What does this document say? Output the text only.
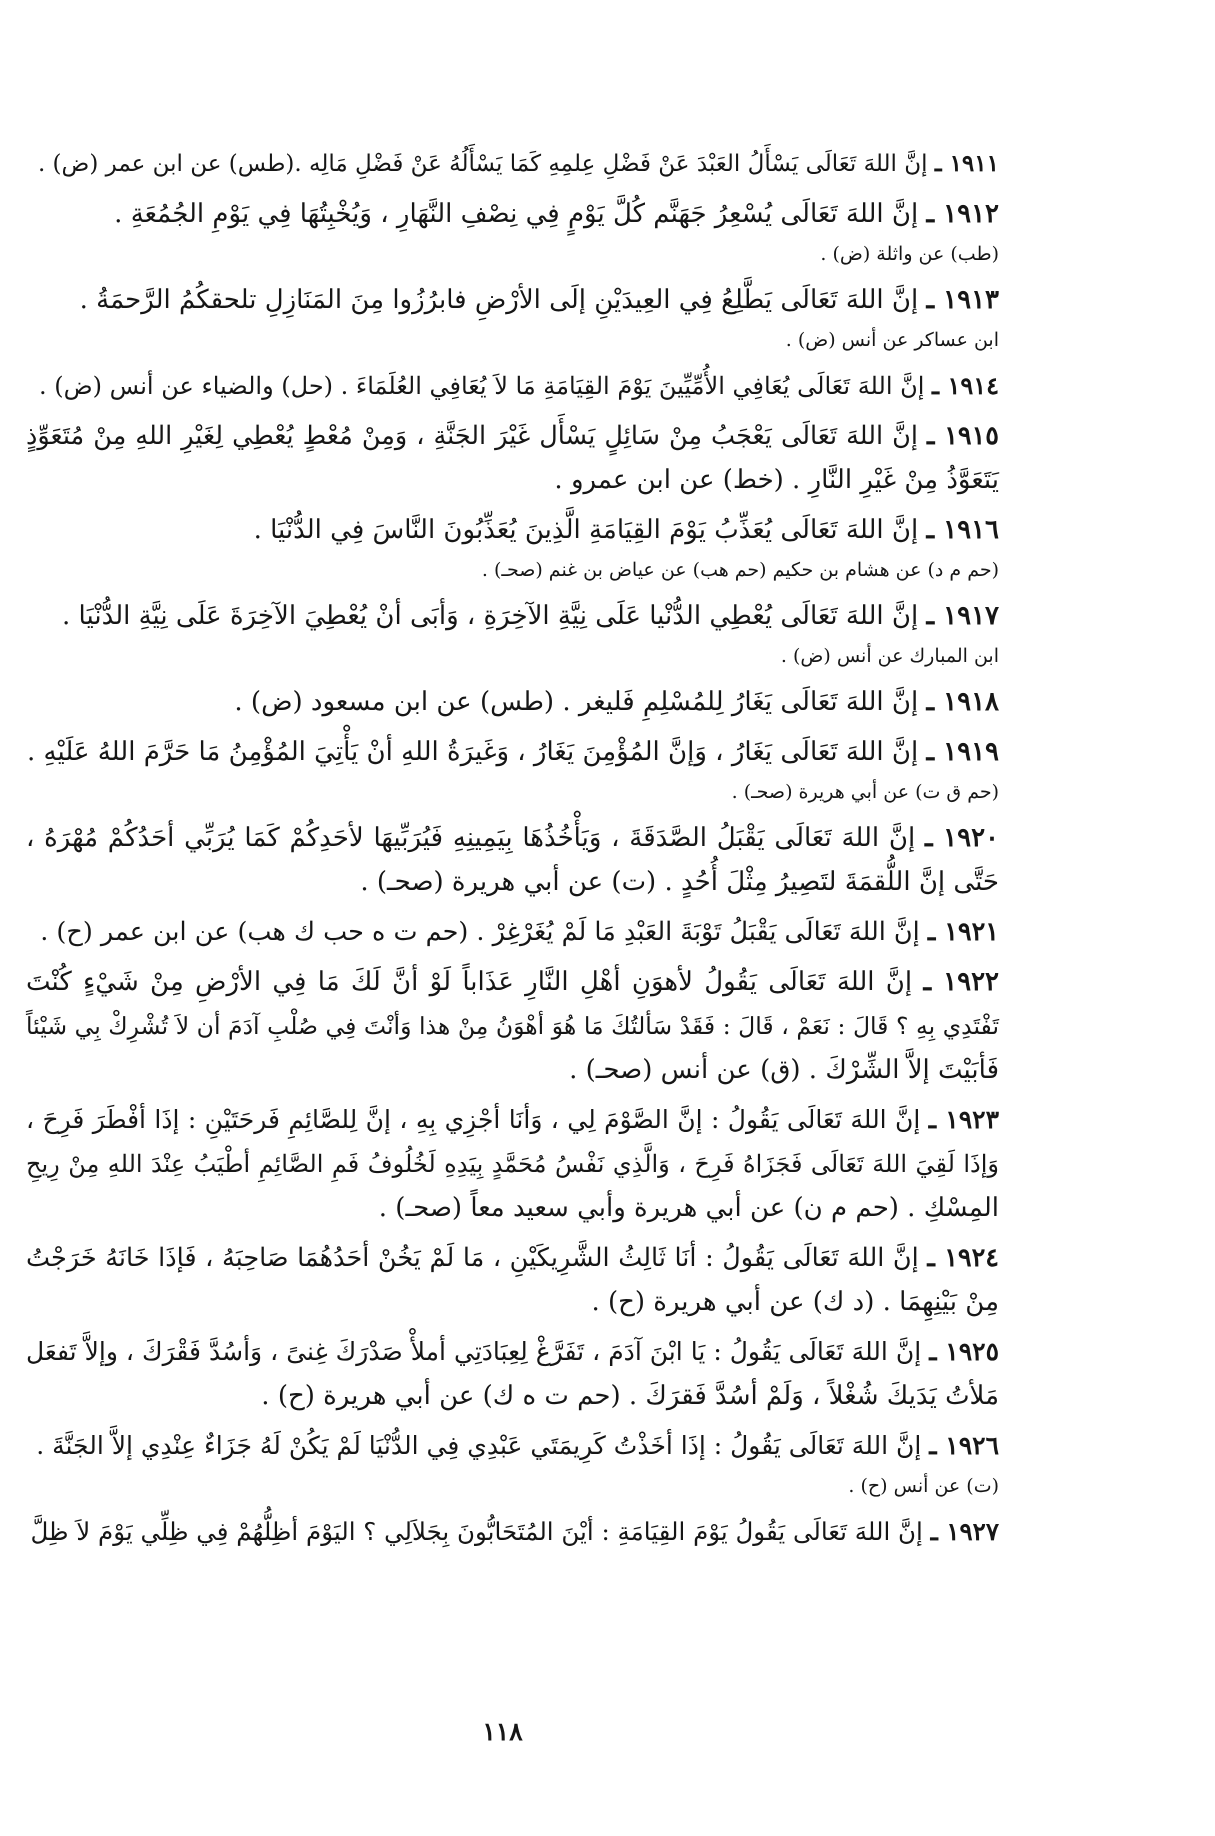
١٩١١ ـ إنَّ اللهَ تَعَالَى يَسْأَلُ العَبْدَ عَنْ فَضْلِ عِلمِهِ كَمَا يَسْأَلُهُ عَنْ فَضْلِ مَالِه .(طس) عن ابن عمر (ض) .
١٩١٢ ـ إنَّ اللهَ تَعَالَى يُسْعِرُ جَهَنَّم كُلَّ يَوْمٍ فِي نِصْفِ النَّهَارِ ، وَيُخْبِتُهَا فِي يَوْمِ الجُمُعَةِ .
(طب) عن واثلة (ض) .
١٩١٣ ـ إنَّ اللهَ تَعَالَى يَطَّلِعُ فِي العِيدَيْنِ إلَى الأرْضِ فابرُزُوا مِنَ المَنَازِلِ تلحقكُمُ الرَّحمَةُ .
ابن عساكر عن أنس (ض) .
١٩١٤ ـ إنَّ اللهَ تَعَالَى يُعَافِي الأُمِّيِّينَ يَوْمَ القِيَامَةِ مَا لاَ يُعَافِي العُلَمَاءَ . (حل) والضياء عن أنس (ض) .
١٩١٥ ـ إنَّ اللهَ تَعَالَى يَعْجَبُ مِنْ سَائِلٍ يَسْأَل غَيْرَ الجَنَّةِ ، وَمِنْ مُعْطٍ يُعْطِي لِغَيْرِ اللهِ مِنْ مُتَعَوِّذٍ
يَتَعَوَّذُ مِنْ غَيْرِ النَّارِ . (خط) عن ابن عمرو .
١٩١٦ ـ إنَّ اللهَ تَعَالَى يُعَذِّبُ يَوْمَ القِيَامَةِ الَّذِينَ يُعَذِّبُونَ النَّاسَ فِي الدُّنْيَا .
(حم م د) عن هشام بن حكيم (حم هب) عن عياض بن غنم (صحـ) .
١٩١٧ ـ إنَّ اللهَ تَعَالَى يُعْطِي الدُّنْيا عَلَى نِيَّةِ الآخِرَةِ ، وَأبَى أنْ يُعْطِيَ الآخِرَةَ عَلَى نِيَّةِ الدُّنْيَا .
ابن المبارك عن أنس (ض) .
١٩١٨ ـ إنَّ اللهَ تَعَالَى يَغَارُ لِلمُسْلِمِ فَليغر . (طس) عن ابن مسعود (ض) .
١٩١٩ ـ إنَّ اللهَ تَعَالَى يَغَارُ ، وَإنَّ المُؤْمِنَ يَغَارُ ، وَغَيرَةُ اللهِ أنْ يَأْتِيَ المُؤْمِنُ مَا حَرَّمَ اللهُ عَلَيْهِ .
(حم ق ت) عن أبي هريرة (صحـ) .
١٩٢٠ ـ إنَّ اللهَ تَعَالَى يَقْبَلُ الصَّدَقَةَ ، وَيَأْخُذُهَا بِيَمِينِهِ فَيُرَبِّيهَا لأحَدِكُمْ كَمَا يُرَبِّي أحَدُكُمْ مُهْرَهُ ،
حَتَّى إنَّ اللُّقمَةَ لتَصِيرُ مِثْلَ أُحُدٍ . (ت) عن أبي هريرة (صحـ) .
١٩٢١ ـ إنَّ اللهَ تَعَالَى يَقْبَلُ تَوْبَةَ العَبْدِ مَا لَمْ يُغَرْغِرْ . (حم ت ه حب ك هب) عن ابن عمر (ح) .
١٩٢٢ ـ إنَّ اللهَ تَعَالَى يَقُولُ لأهوَنِ أهْلِ النَّارِ عَذَاباً لَوْ أنَّ لَكَ مَا فِي الأرْضِ مِنْ شَيْءٍ كُنْتَ
تَفْتَدِي بِهِ ؟ قَالَ : نَعَمْ ، قَالَ : فَقَدْ سَألتُكَ مَا هُوَ أهْوَنُ مِنْ هذا وَأنْتَ فِي صُلْبِ آدَمَ أن لاَ تُشْرِكْ بِي شَيْئاً
فَأبَيْتَ إلاَّ الشِّرْكَ . (ق) عن أنس (صحـ) .
١٩٢٣ ـ إنَّ اللهَ تَعَالَى يَقُولُ : إنَّ الصَّوْمَ لِي ، وَأنَا أجْزِي بِهِ ، إنَّ لِلصَّائِمِ فَرحَتَيْنِ : إذَا أفْطَرَ فَرِحَ ،
وَإذَا لَقِيَ اللهَ تَعَالَى فَجَزَاهُ فَرِحَ ، وَالَّذِي نَفْسُ مُحَمَّدٍ بِيَدِهِ لَخُلُوفُ فَمِ الصَّائِمِ أطْيَبُ عِنْدَ اللهِ مِنْ رِيحِ
المِسْكِ . (حم م ن) عن أبي هريرة وأبي سعيد معاً (صحـ) .
١٩٢٤ ـ إنَّ اللهَ تَعَالَى يَقُولُ : أنَا ثَالِثُ الشَّرِيكَيْنِ ، مَا لَمْ يَخُنْ أحَدُهُمَا صَاحِبَهُ ، فَإذَا خَانَهُ خَرَجْتُ
مِنْ بَيْنِهِمَا . (د ك) عن أبي هريرة (ح) .
١٩٢٥ ـ إنَّ اللهَ تَعَالَى يَقُولُ : يَا ابْنَ آدَمَ ، تَفَرَّغْ لِعِبَادَتِي أملأْ صَدْرَكَ غِنىً ، وَأسُدَّ فَقْرَكَ ، وإلاَّ تَفعَل
مَلأتُ يَدَيكَ شُغْلاً ، وَلَمْ أسُدَّ فَقرَكَ . (حم ت ه ك) عن أبي هريرة (ح) .
١٩٢٦ ـ إنَّ اللهَ تَعَالَى يَقُولُ : إذَا أخَذْتُ كَرِيمَتَي عَبْدِي فِي الدُّنْيَا لَمْ يَكُنْ لَهُ جَزَاءٌ عِنْدِي إلاَّ الجَنَّةَ .
(ت) عن أنس (ح) .
١٩٢٧ ـ إنَّ اللهَ تَعَالَى يَقُولُ يَوْمَ القِيَامَةِ : أيْنَ المُتَحَابُّونَ بِجَلاَلِي ؟ اليَوْمَ أظِلُّهُمْ فِي ظِلِّي يَوْمَ لاَ ظِلَّ
١١٨
